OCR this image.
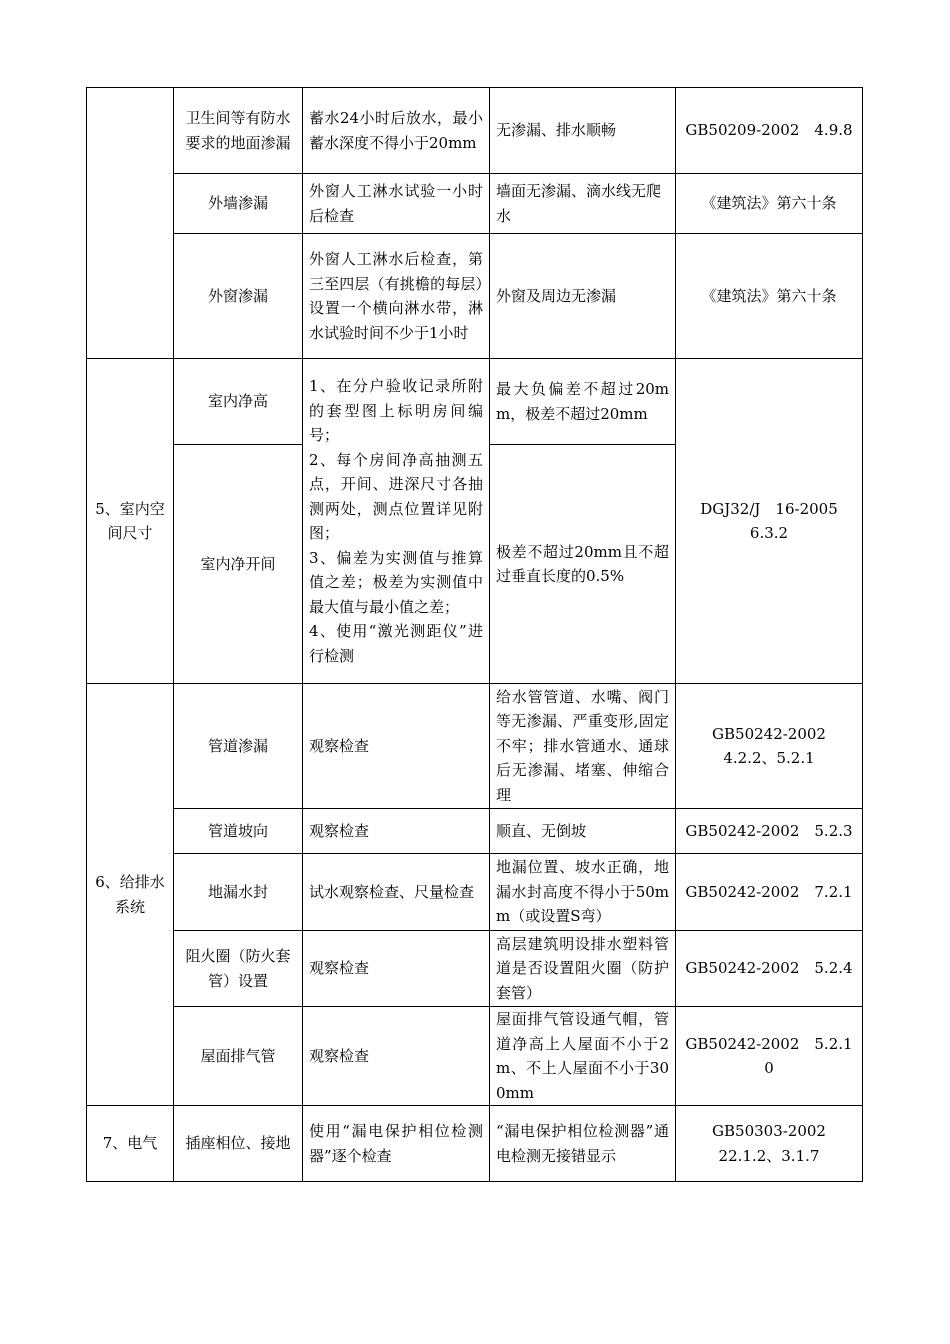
	卫生间等有防水要求的地面渗漏	蓄水24小时后放水，最小蓄水深度不得小于20mm	无渗漏、排水顺畅	GB50209-2002　4.9.8
	外墙渗漏	外窗人工淋水试验一小时后检查	墙面无渗漏、滴水线无爬水	《建筑法》第六十条
	外窗渗漏	外窗人工淋水后检查，第三至四层（有挑檐的每层）设置一个横向淋水带，淋水试验时间不少于1小时	外窗及周边无渗漏	《建筑法》第六十条
5、室内空间尺寸	室内净高	1、在分户验收记录所附的套型图上标明房间编号；
2、每个房间净高抽测五点，开间、进深尺寸各抽测两处，测点位置详见附图；
3、偏差为实测值与推算值之差；极差为实测值中最大值与最小值之差；
4、使用“激光测距仪”进行检测	最大负偏差不超过20mm，极差不超过20mm	DGJ32/J　16-2005
6.3.2

	室内净开间		极差不超过20mm且不超过垂直长度的0.5%	
6、给排水系统	管道渗漏	观察检查	给水管管道、水嘴、阀门等无渗漏、严重变形,固定不牢；排水管通水、通球后无渗漏、堵塞、伸缩合理	GB50242-2002
4.2.2、5.2.1

	管道坡向	观察检查	顺直、无倒坡	GB50242-2002　5.2.3
	地漏水封	试水观察检查、尺量检查	地漏位置、坡水正确，地漏水封高度不得小于50mm（或设置S弯）	GB50242-2002　7.2.1
	阻火圈（防火套管）设置	观察检查	高层建筑明设排水塑料管道是否设置阻火圈（防护套管）	GB50242-2002　5.2.4
	屋面排气管	观察检查	屋面排气管设通气帽，管道净高上人屋面不小于2m、不上人屋面不小于300mm	GB50242-2002　5.2.10
7、电气	插座相位、接地	使用“漏电保护相位检测器”逐个检查	“漏电保护相位检测器”通电检测无接错显示	GB50303-2002
22.1.2、3.1.7
